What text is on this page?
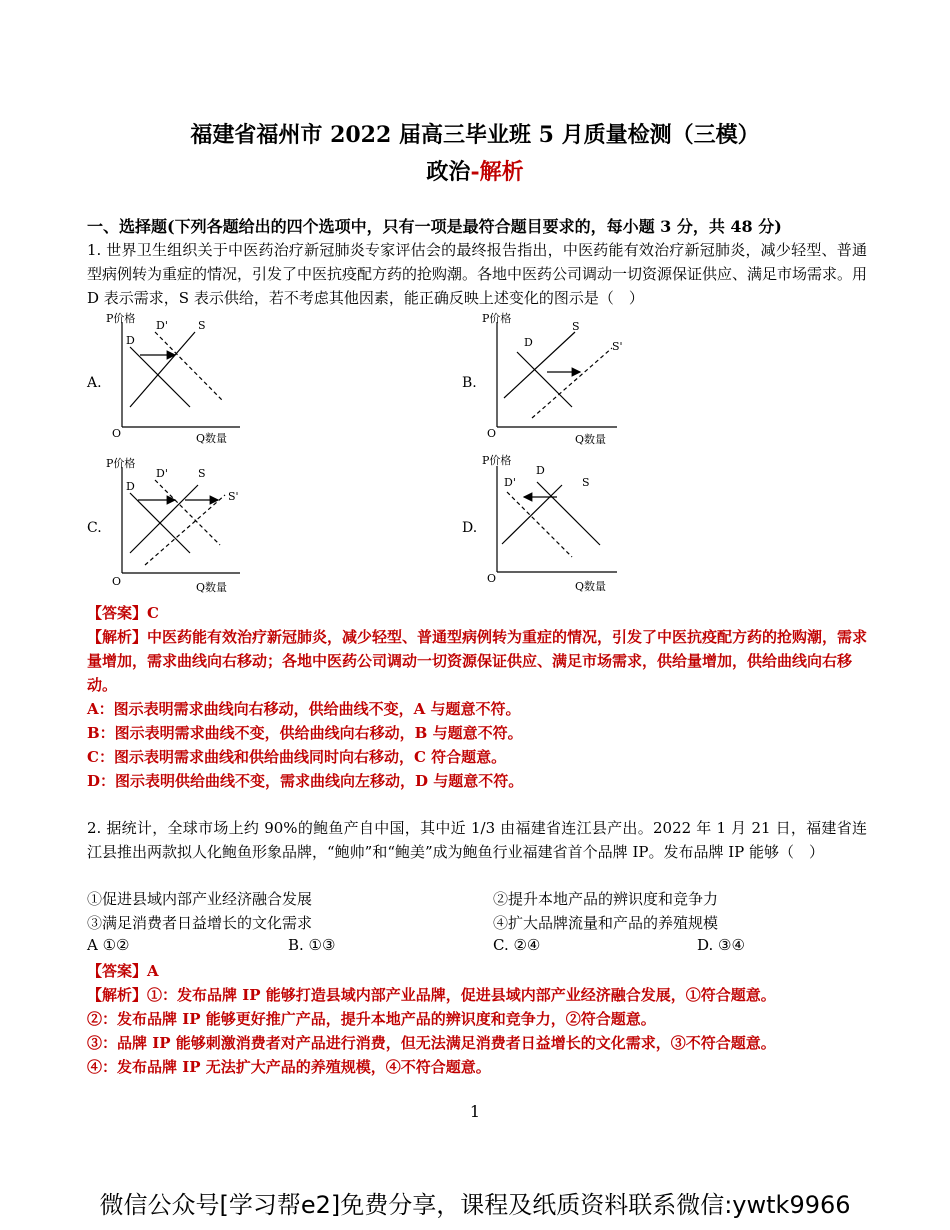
福建省福州市 2022 届高三毕业班 5 月质量检测（三模）
政治-解析
一、选择题(下列各题给出的四个选项中，只有一项是最符合题目要求的，每小题 3 分，共 48 分)
1. 世界卫生组织关于中医药治疗新冠肺炎专家评估会的最终报告指出，中医药能有效治疗新冠肺炎，减少轻型、普通型病例转为重症的情况，引发了中医抗疫配方药的抢购潮。各地中医药公司调动一切资源保证供应、满足市场需求。用 D 表示需求，S 表示供给，若不考虑其他因素，能正确反映上述变化的图示是（　）
A.
P价格
Q数量
O
D
D'	S
B.
P价格
Q数量
O
D
S
S'
C.
P价格
Q数量
O
D
D'	S
S'
D.
P价格
Q数量
O
D
D'	S
【答案】C
【解析】中医药能有效治疗新冠肺炎，减少轻型、普通型病例转为重症的情况，引发了中医抗疫配方药的抢购潮，需求量增加，需求曲线向右移动；各地中医药公司调动一切资源保证供应、满足市场需求，供给量增加，供给曲线向右移动。
A：图示表明需求曲线向右移动，供给曲线不变，A 与题意不符。
B：图示表明需求曲线不变，供给曲线向右移动，B 与题意不符。
C：图示表明需求曲线和供给曲线同时向右移动，C 符合题意。
D：图示表明供给曲线不变，需求曲线向左移动，D 与题意不符。
2. 据统计，全球市场上约 90%的鲍鱼产自中国，其中近 1/3 由福建省连江县产出。2022 年 1 月 21 日，福建省连江县推出两款拟人化鲍鱼形象品牌，“鲍帅”和“鲍美”成为鲍鱼行业福建省首个品牌 IP。发布品牌 IP 能够（　）
①促进县域内部产业经济融合发展	②提升本地产品的辨识度和竞争力
③满足消费者日益增长的文化需求	④扩大品牌流量和产品的养殖规模
A ①②	B. ①③	C. ②④	D. ③④
【答案】A
【解析】①：发布品牌 IP 能够打造县域内部产业品牌，促进县域内部产业经济融合发展，①符合题意。
②：发布品牌 IP 能够更好推广产品，提升本地产品的辨识度和竞争力，②符合题意。
③：品牌 IP 能够刺激消费者对产品进行消费，但无法满足消费者日益增长的文化需求，③不符合题意。
④：发布品牌 IP 无法扩大产品的养殖规模，④不符合题意。
1
微信公众号[学习帮e2]免费分享，课程及纸质资料联系微信:ywtk9966
